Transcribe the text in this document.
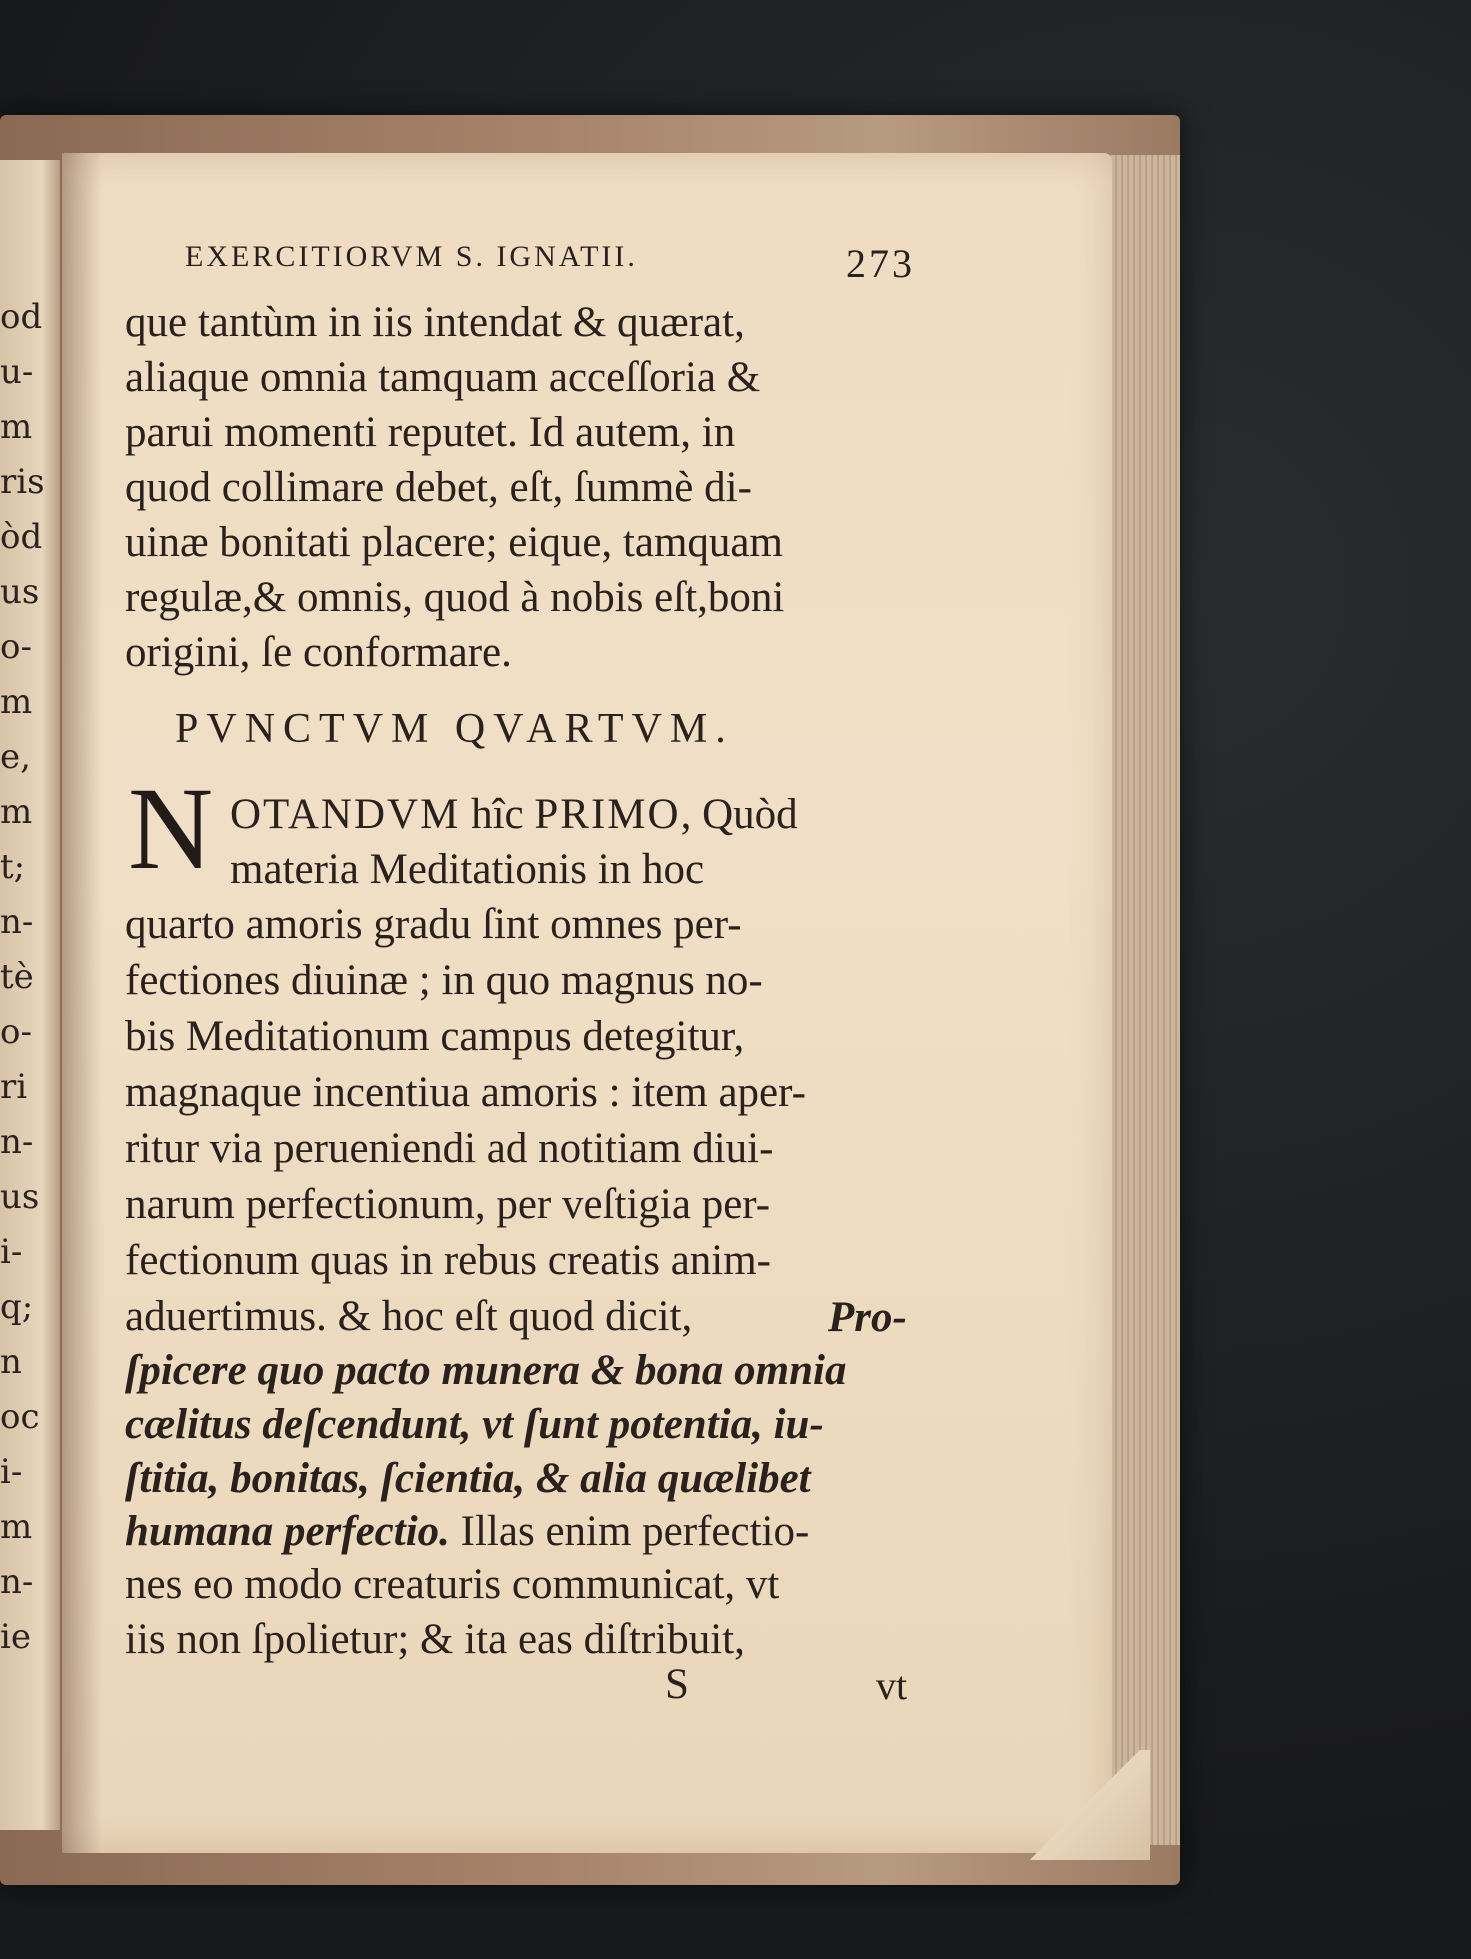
od
u-
m
ris
òd
us
o-
m
e,
m
t;
n-
tè
o-
ri
n-
us
i-
q;
n
oc
i-
m
n-
ie
EXERCITIORVM S. IGNATII.	273
que tantùm in iis intendat & quærat,
aliaque omnia tamquam acceſſoria &
parui momenti reputet. Id autem, in
quod collimare debet, eſt, ſummè di-
uinæ bonitati placere; eique, tamquam
regulæ,& omnis, quod à nobis eſt,boni
origini, ſe conformare.
PVNCTVM QVARTVM.
N OTANDVM hîc PRIMO, Quòd
materia Meditationis in hoc
quarto amoris gradu ſint omnes per-
fectiones diuinæ ; in quo magnus no-
bis Meditationum campus detegitur,
magnaque incentiua amoris : item aper-
ritur via perueniendi ad notitiam diui-
narum perfectionum, per veſtigia per-
fectionum quas in rebus creatis anim-
aduertimus. & hoc eſt quod dicit,	Pro-
ſpicere quo pacto munera & bona omnia
cælitus deſcendunt, vt ſunt potentia, iu-
ſtitia, bonitas, ſcientia, & alia quælibet
humana perfectio. Illas enim perfectio-
nes eo modo creaturis communicat, vt
iis non ſpolietur; & ita eas diſtribuit,
S	vt
